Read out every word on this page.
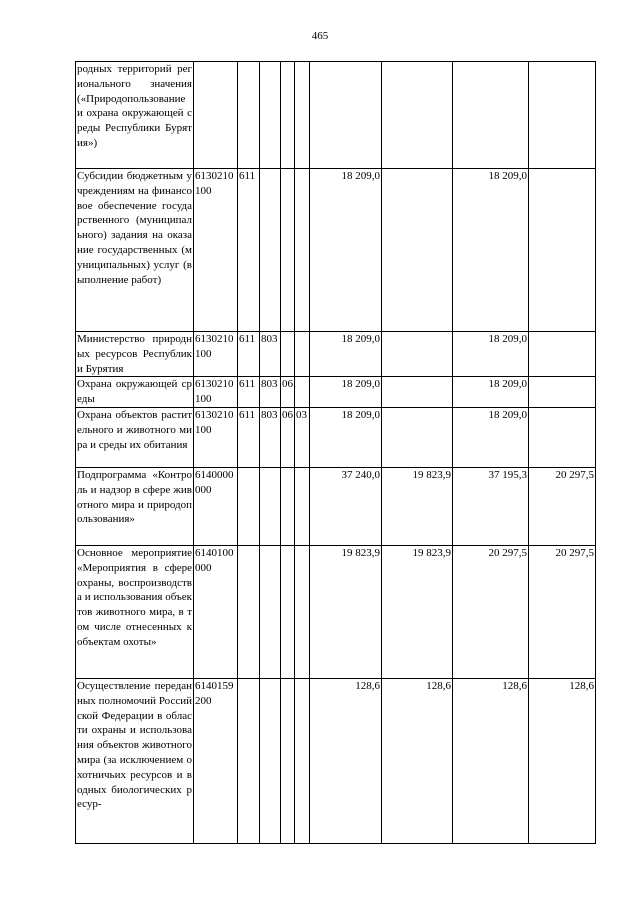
465
родных территорий регионального значения («Природопользование и охрана окружающей среды Республики Бурятия»)									
Субсидии бюджетным учреждениям на финансовое обеспечение государственного (муниципального) задания на оказание государственных (муниципальных) услуг (выполнение работ)	6130210100	611				18 209,0		18 209,0	
Министерство природных ресурсов Республики Бурятия	6130210100	611	803			18 209,0		18 209,0	
Охрана окружающей среды	6130210100	611	803	06		18 209,0		18 209,0	
Охрана объектов растительного и животного мира и среды их обитания	6130210100	611	803	06	03	18 209,0		18 209,0	
Подпрограмма «Контроль и надзор в сфере животного мира и природопользования»	6140000000					37 240,0	19 823,9	37 195,3	20 297,5
Основное мероприятие «Мероприятия в сфере охраны, воспроизводства и использования объектов животного мира, в том числе отнесенных к объектам охоты»	6140100000					19 823,9	19 823,9	20 297,5	20 297,5
Осуществление переданных полномочий Российской Федерации в области охраны и использования объектов животного мира (за исключением охотничьих ресурсов и водных биологических ресур-	6140159200					128,6	128,6	128,6	128,6
